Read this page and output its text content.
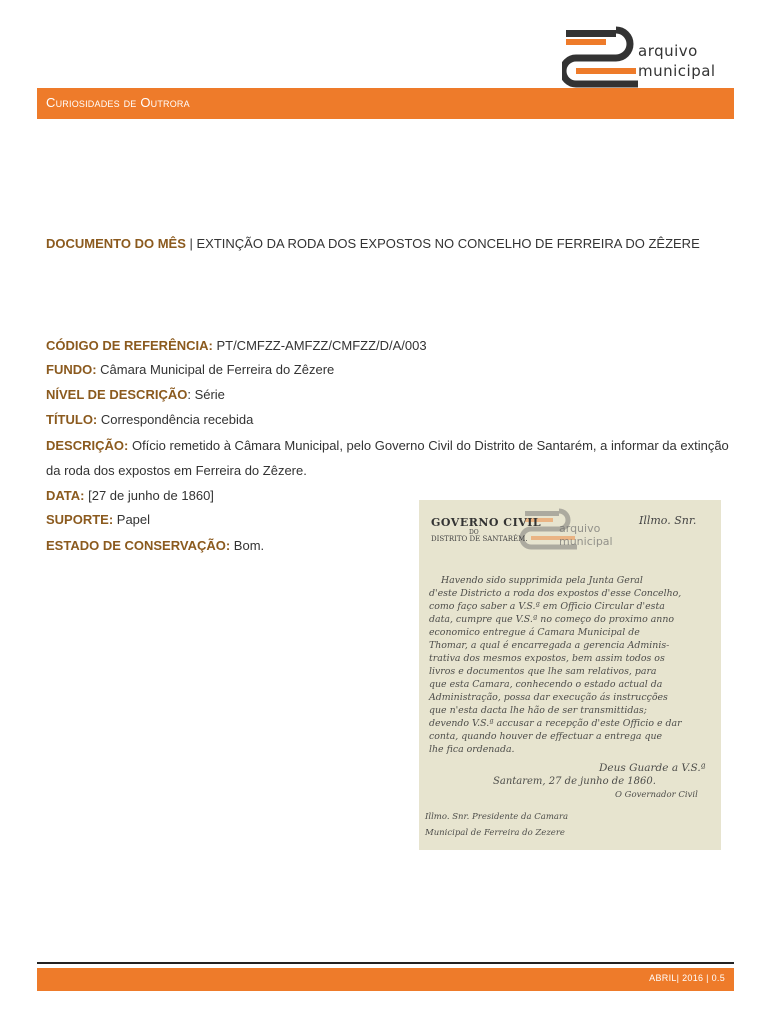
arquivo
municipal
Curiosidades de Outrora
DOCUMENTO DO MÊS | EXTINÇÃO DA RODA DOS EXPOSTOS NO CONCELHO DE FERREIRA DO ZÊZERE
CÓDIGO DE REFERÊNCIA: PT/CMFZZ-AMFZZ/CMFZZ/D/A/003
FUNDO: Câmara Municipal de Ferreira do Zêzere
NÍVEL DE DESCRIÇÃO: Série
TÍTULO: Correspondência recebida
DESCRIÇÃO: Ofício remetido à Câmara Municipal, pelo Governo Civil do Distrito de Santarém, a informar da extinção da roda dos expostos em Ferreira do Zêzere.
DATA: [27 de junho de 1860]
SUPORTE: Papel
ESTADO DE CONSERVAÇÃO: Bom.
arquivo
municipal
GOVERNO CIVIL
DO
DISTRITO DE SANTARÉM.
Illmo. Snr.
Havendo sido supprimida pela Junta Geral
d'este Districto a roda dos expostos d'esse Concelho,
como faço saber a V.S.ª em Officio Circular d'esta
data, cumpre que V.S.ª no começo do proximo anno
economico entregue á Camara Municipal de
Thomar, a qual é encarregada a gerencia Adminis-
trativa dos mesmos expostos, bem assim todos os
livros e documentos que lhe sam relativos, para
que esta Camara, conhecendo o estado actual da
Administração, possa dar execução ás instrucções
que n'esta dacta lhe hão de ser transmittidas;
devendo V.S.ª accusar a recepção d'este Officio e dar
conta, quando houver de effectuar a entrega que
lhe fica ordenada.
Deus Guarde a V.S.ª
Santarem, 27 de junho de 1860.
O Governador Civil
Illmo. Snr. Presidente da Camara
Municipal de Ferreira do Zezere
ABRIL| 2016 | 0.5
